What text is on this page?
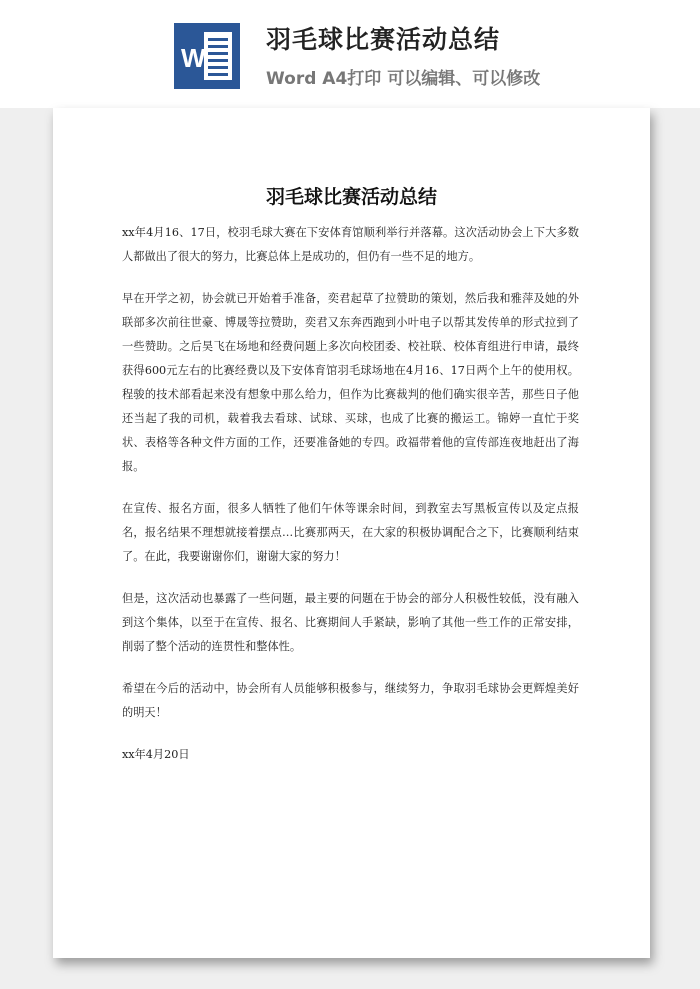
W
羽毛球比赛活动总结
Word A4打印 可以编辑、可以修改
羽毛球比赛活动总结

xx年4月16、17日，校羽毛球大赛在下安体育馆顺利举行并落幕。这次活动协会上下大多数人都做出了很大的努力，比赛总体上是成功的，但仍有一些不足的地方。

早在开学之初，协会就已开始着手准备，奕君起草了拉赞助的策划，然后我和雅萍及她的外联部多次前往世豪、博晟等拉赞助，奕君又东奔西跑到小叶电子以帮其发传单的形式拉到了一些赞助。之后昊飞在场地和经费问题上多次向校团委、校社联、校体育组进行申请，最终获得600元左右的比赛经费以及下安体育馆羽毛球场地在4月16、17日两个上午的使用权。程骏的技术部看起来没有想象中那么给力，但作为比赛裁判的他们确实很辛苦，那些日子他还当起了我的司机，载着我去看球、试球、买球，也成了比赛的搬运工。锦婷一直忙于奖状、表格等各种文件方面的工作，还要准备她的专四。政福带着他的宣传部连夜地赶出了海报。

在宣传、报名方面，很多人牺牲了他们午休等课余时间，到教室去写黑板宣传以及定点报名，报名结果不理想就接着摆点…比赛那两天，在大家的积极协调配合之下，比赛顺利结束了。在此，我要谢谢你们，谢谢大家的努力！

但是，这次活动也暴露了一些问题，最主要的问题在于协会的部分人积极性较低，没有融入到这个集体，以至于在宣传、报名、比赛期间人手紧缺，影响了其他一些工作的正常安排，削弱了整个活动的连贯性和整体性。

希望在今后的活动中，协会所有人员能够积极参与，继续努力，争取羽毛球协会更辉煌美好的明天！

xx年4月20日
